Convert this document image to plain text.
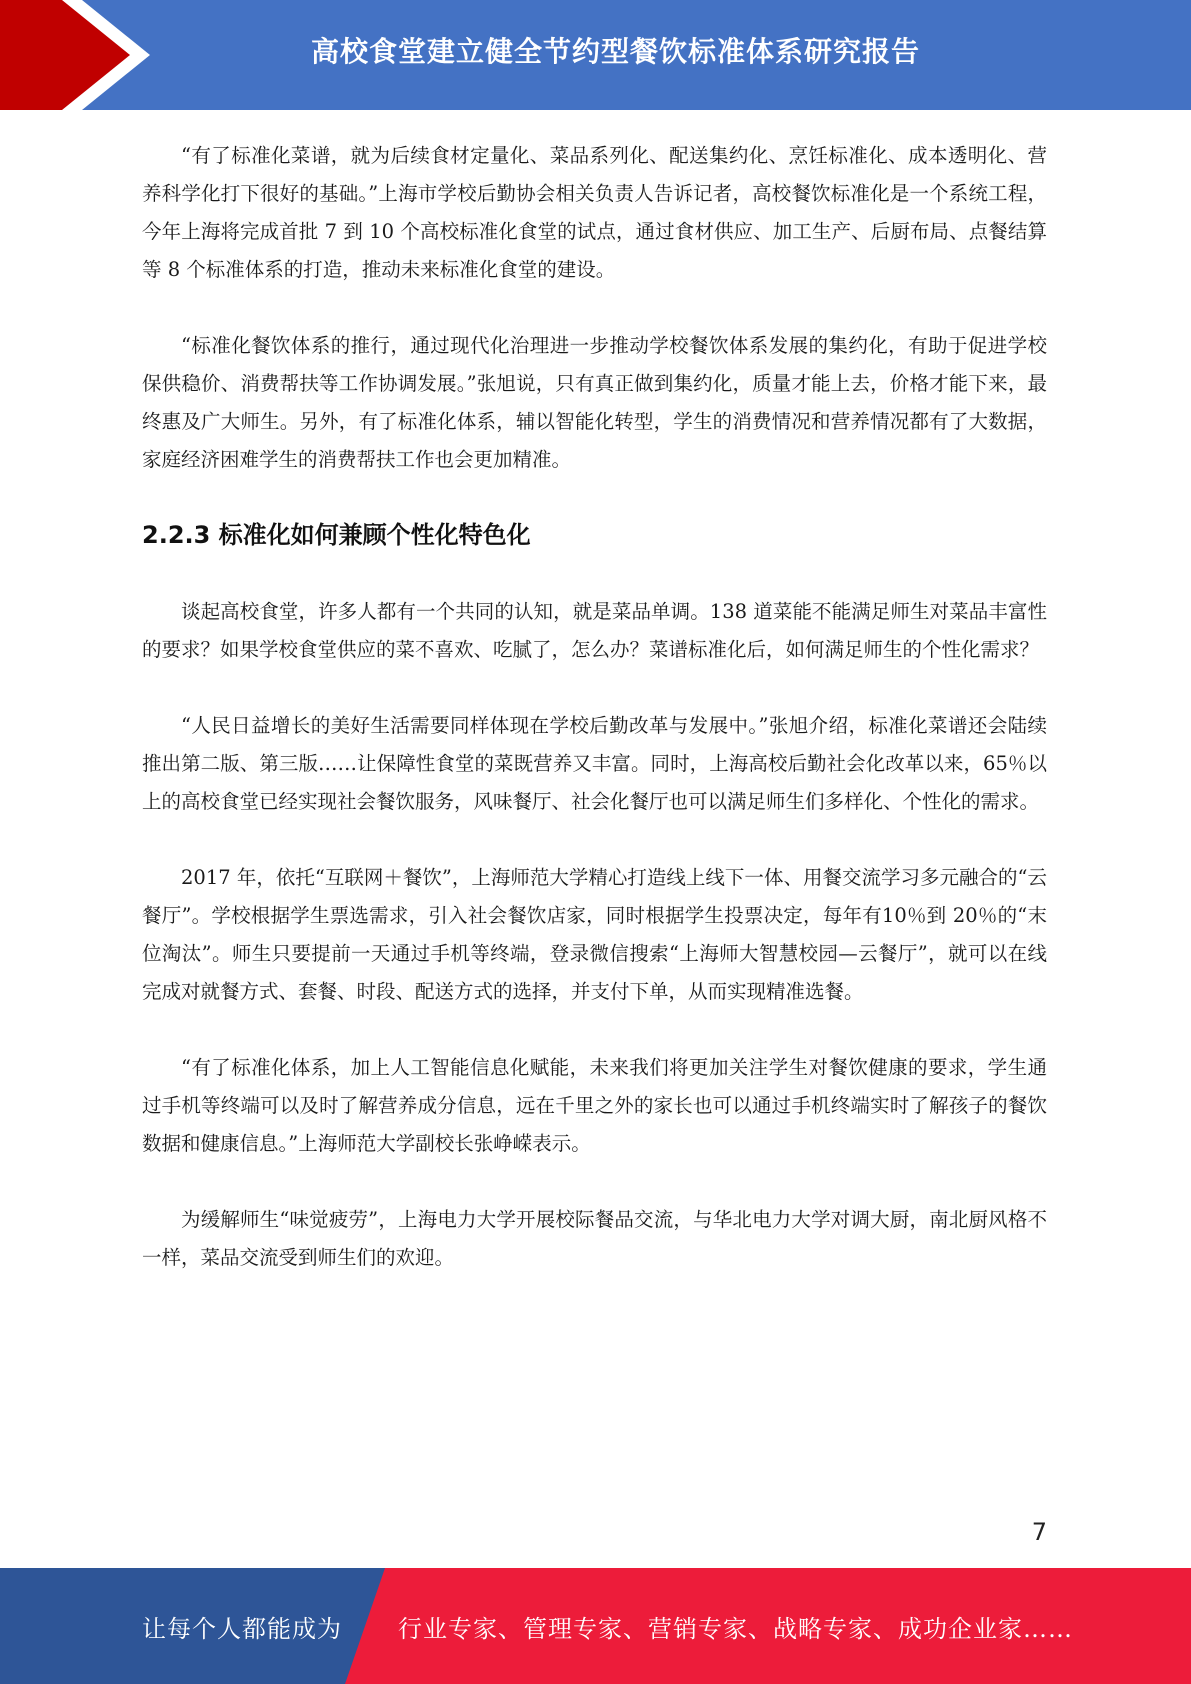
高校食堂建立健全节约型餐饮标准体系研究报告

“有了标准化菜谱，就为后续食材定量化、菜品系列化、配送集约化、烹饪标准化、成本透明化、营养科学化打下很好的基础。”上海市学校后勤协会相关负责人告诉记者，高校餐饮标准化是一个系统工程，今年上海将完成首批 7 到 10 个高校标准化食堂的试点，通过食材供应、加工生产、后厨布局、点餐结算等 8 个标准体系的打造，推动未来标准化食堂的建设。

“标准化餐饮体系的推行，通过现代化治理进一步推动学校餐饮体系发展的集约化，有助于促进学校保供稳价、消费帮扶等工作协调发展。”张旭说，只有真正做到集约化，质量才能上去，价格才能下来，最终惠及广大师生。另外，有了标准化体系，辅以智能化转型，学生的消费情况和营养情况都有了大数据，家庭经济困难学生的消费帮扶工作也会更加精准。

2.2.3 标准化如何兼顾个性化特色化

谈起高校食堂，许多人都有一个共同的认知，就是菜品单调。138 道菜能不能满足师生对菜品丰富性的要求？如果学校食堂供应的菜不喜欢、吃腻了，怎么办？菜谱标准化后，如何满足师生的个性化需求？

“人民日益增长的美好生活需要同样体现在学校后勤改革与发展中。”张旭介绍，标准化菜谱还会陆续推出第二版、第三版……让保障性食堂的菜既营养又丰富。同时，上海高校后勤社会化改革以来，65％以上的高校食堂已经实现社会餐饮服务，风味餐厅、社会化餐厅也可以满足师生们多样化、个性化的需求。

2017 年，依托“互联网＋餐饮”，上海师范大学精心打造线上线下一体、用餐交流学习多元融合的“云餐厅”。学校根据学生票选需求，引入社会餐饮店家，同时根据学生投票决定，每年有10％到 20％的“末位淘汰”。师生只要提前一天通过手机等终端，登录微信搜索“上海师大智慧校园—云餐厅”，就可以在线完成对就餐方式、套餐、时段、配送方式的选择，并支付下单，从而实现精准选餐。

“有了标准化体系，加上人工智能信息化赋能，未来我们将更加关注学生对餐饮健康的要求，学生通过手机等终端可以及时了解营养成分信息，远在千里之外的家长也可以通过手机终端实时了解孩子的餐饮数据和健康信息。”上海师范大学副校长张峥嵘表示。

为缓解师生“味觉疲劳”，上海电力大学开展校际餐品交流，与华北电力大学对调大厨，南北厨风格不一样，菜品交流受到师生们的欢迎。

7
让每个人都能成为 行业专家、管理专家、营销专家、战略专家、成功企业家……
